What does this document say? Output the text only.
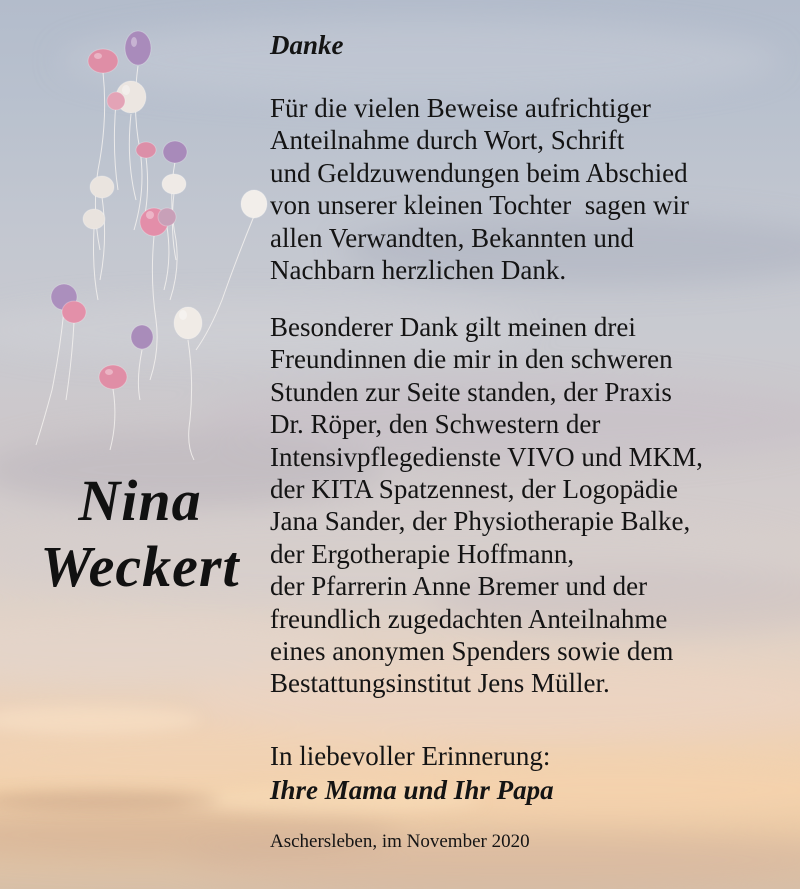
Nina
Weckert
Danke
Für die vielen Beweise aufrichtiger
Anteilnahme durch Wort, Schrift
und Geldzuwendungen beim Abschied
von unserer kleinen Tochter  sagen wir
allen Verwandten, Bekannten und
Nachbarn herzlichen Dank.
Besonderer Dank gilt meinen drei
Freundinnen die mir in den schweren
Stunden zur Seite standen, der Praxis
Dr. Röper, den Schwestern der
Intensivpflegedienste VIVO und MKM,
der KITA Spatzennest, der Logopädie
Jana Sander, der Physiotherapie Balke,
der Ergotherapie Hoffmann,
der Pfarrerin Anne Bremer und der
freundlich zugedachten Anteilnahme
eines anonymen Spenders sowie dem
Bestattungsinstitut Jens Müller.
In liebevoller Erinnerung:
Ihre Mama und Ihr Papa
Aschersleben, im November 2020
